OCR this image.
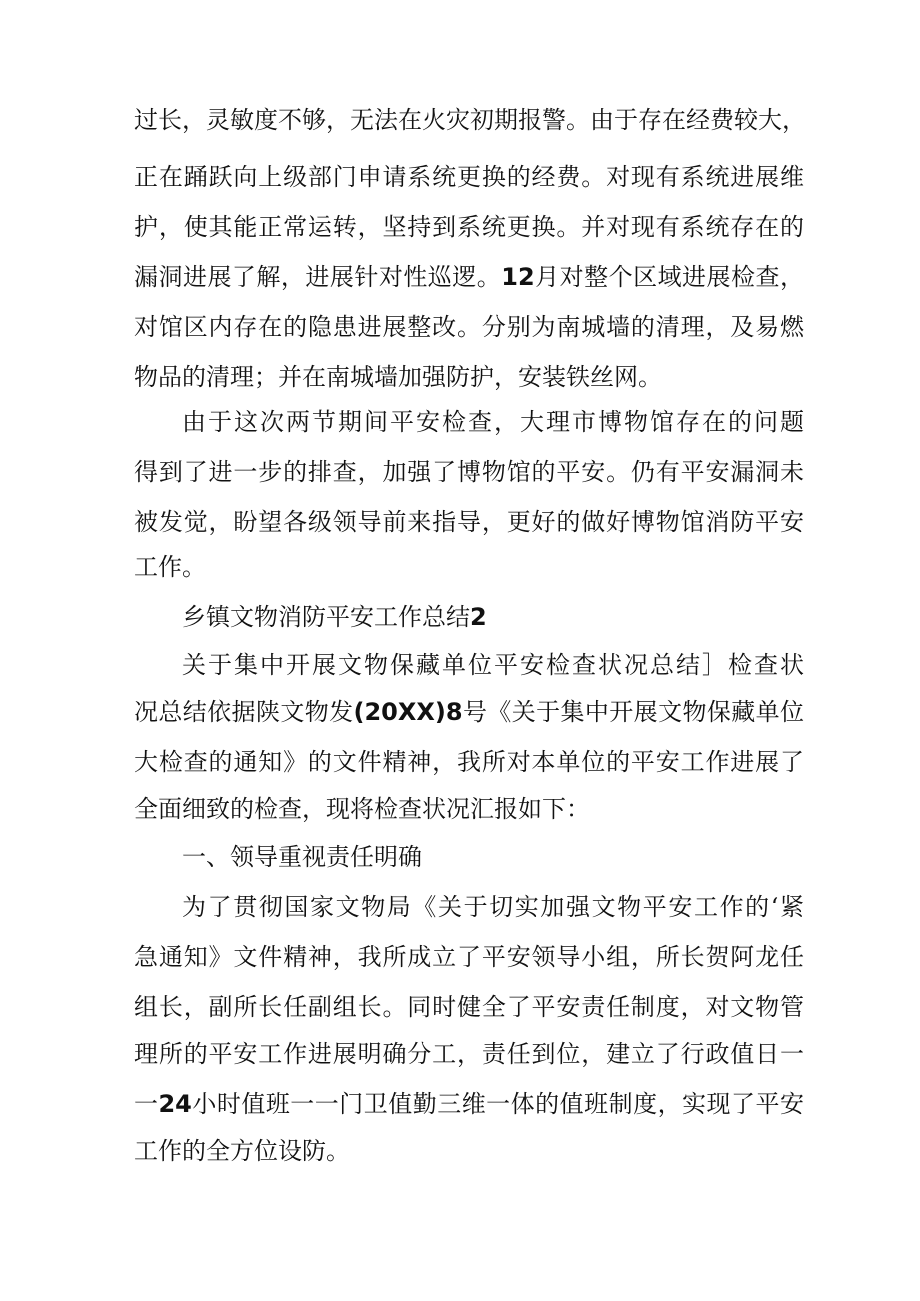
过长，灵敏度不够，无法在火灾初期报警。由于存在经费较大，
正在踊跃向上级部门申请系统更换的经费。对现有系统进展维
护，使其能正常运转，坚持到系统更换。并对现有系统存在的
漏洞进展了解，进展针对性巡逻。12月对整个区域进展检查，
对馆区内存在的隐患进展整改。分别为南城墙的清理，及易燃
物品的清理；并在南城墙加强防护，安装铁丝网。
由于这次两节期间平安检查，大理市博物馆存在的问题
得到了进一步的排查，加强了博物馆的平安。仍有平安漏洞未
被发觉，盼望各级领导前来指导，更好的做好博物馆消防平安
工作。
乡镇文物消防平安工作总结2
关于集中开展文物保藏单位平安检查状况总结］检查状
况总结依据陕文物发(20XX)8号《关于集中开展文物保藏单位
大检查的通知》的文件精神，我所对本单位的平安工作进展了
全面细致的检查，现将检查状况汇报如下：
一、领导重视责任明确
为了贯彻国家文物局《关于切实加强文物平安工作的‘紧
急通知》文件精神，我所成立了平安领导小组，所长贺阿龙任
组长，副所长任副组长。同时健全了平安责任制度，对文物管
理所的平安工作进展明确分工，责任到位，建立了行政值日一
一24小时值班一一门卫值勤三维一体的值班制度，实现了平安
工作的全方位设防。
